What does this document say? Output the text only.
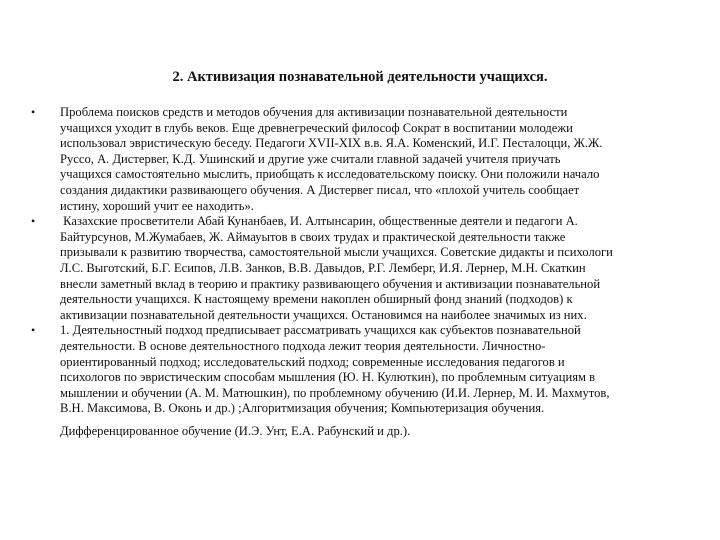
2. Активизация познавательной деятельности учащихся.
• Проблема поисков средств и методов обучения для активизации познавательной деятельности
учащихся уходит в глубь веков. Еще древнегреческий философ Сократ в воспитании молодежи
использовал эвристическую беседу. Педагоги XVII-XIX в.в. Я.А. Коменский, И.Г. Песталоцци, Ж.Ж.
Руссо, А. Дистервег, К.Д. Ушинский и другие уже считали главной задачей учителя приучать
учащихся самостоятельно мыслить, приобщать к исследовательскому поиску. Они положили начало
создания дидактики развивающего обучения. А Дистервег писал, что «плохой учитель сообщает
истину, хороший учит ее находить».
• Казахские просветители Абай Кунанбаев, И. Алтынсарин, общественные деятели и педагоги А.
Байтурсунов, М.Жумабаев, Ж. Аймауытов в своих трудах и практической деятельности также
призывали к развитию творчества, самостоятельной мысли учащихся. Советские дидакты и психологи
Л.С. Выготский, Б.Г. Есипов, Л.В. Занков, В.В. Давыдов, Р.Г. Лемберг, И.Я. Лернер, М.Н. Скаткин
внесли заметный вклад в теорию и практику развивающего обучения и активизации познавательной
деятельности учащихся. К настоящему времени накоплен обширный фонд знаний (подходов) к
активизации познавательной деятельности учащихся. Остановимся на наиболее значимых из них.
• 1. Деятельностный подход предписывает рассматривать учащихся как субъектов познавательной
деятельности. В основе деятельностного подхода лежит теория деятельности. Личностно-
ориентированный подход; исследовательский подход; современные исследования педагогов и
психологов по эвристическим способам мышления (Ю. Н. Кулюткин), по проблемным ситуациям в
мышлении и обучении (А. М. Матюшкин), по проблемному обучению (И.И. Лернер, М. И. Махмутов,
В.Н. Максимова, В. Оконь и др.) ;Алгоритмизация обучения; Компьютеризация обучения.
Дифференцированное обучение (И.Э. Унт, Е.А. Рабунский и др.).
